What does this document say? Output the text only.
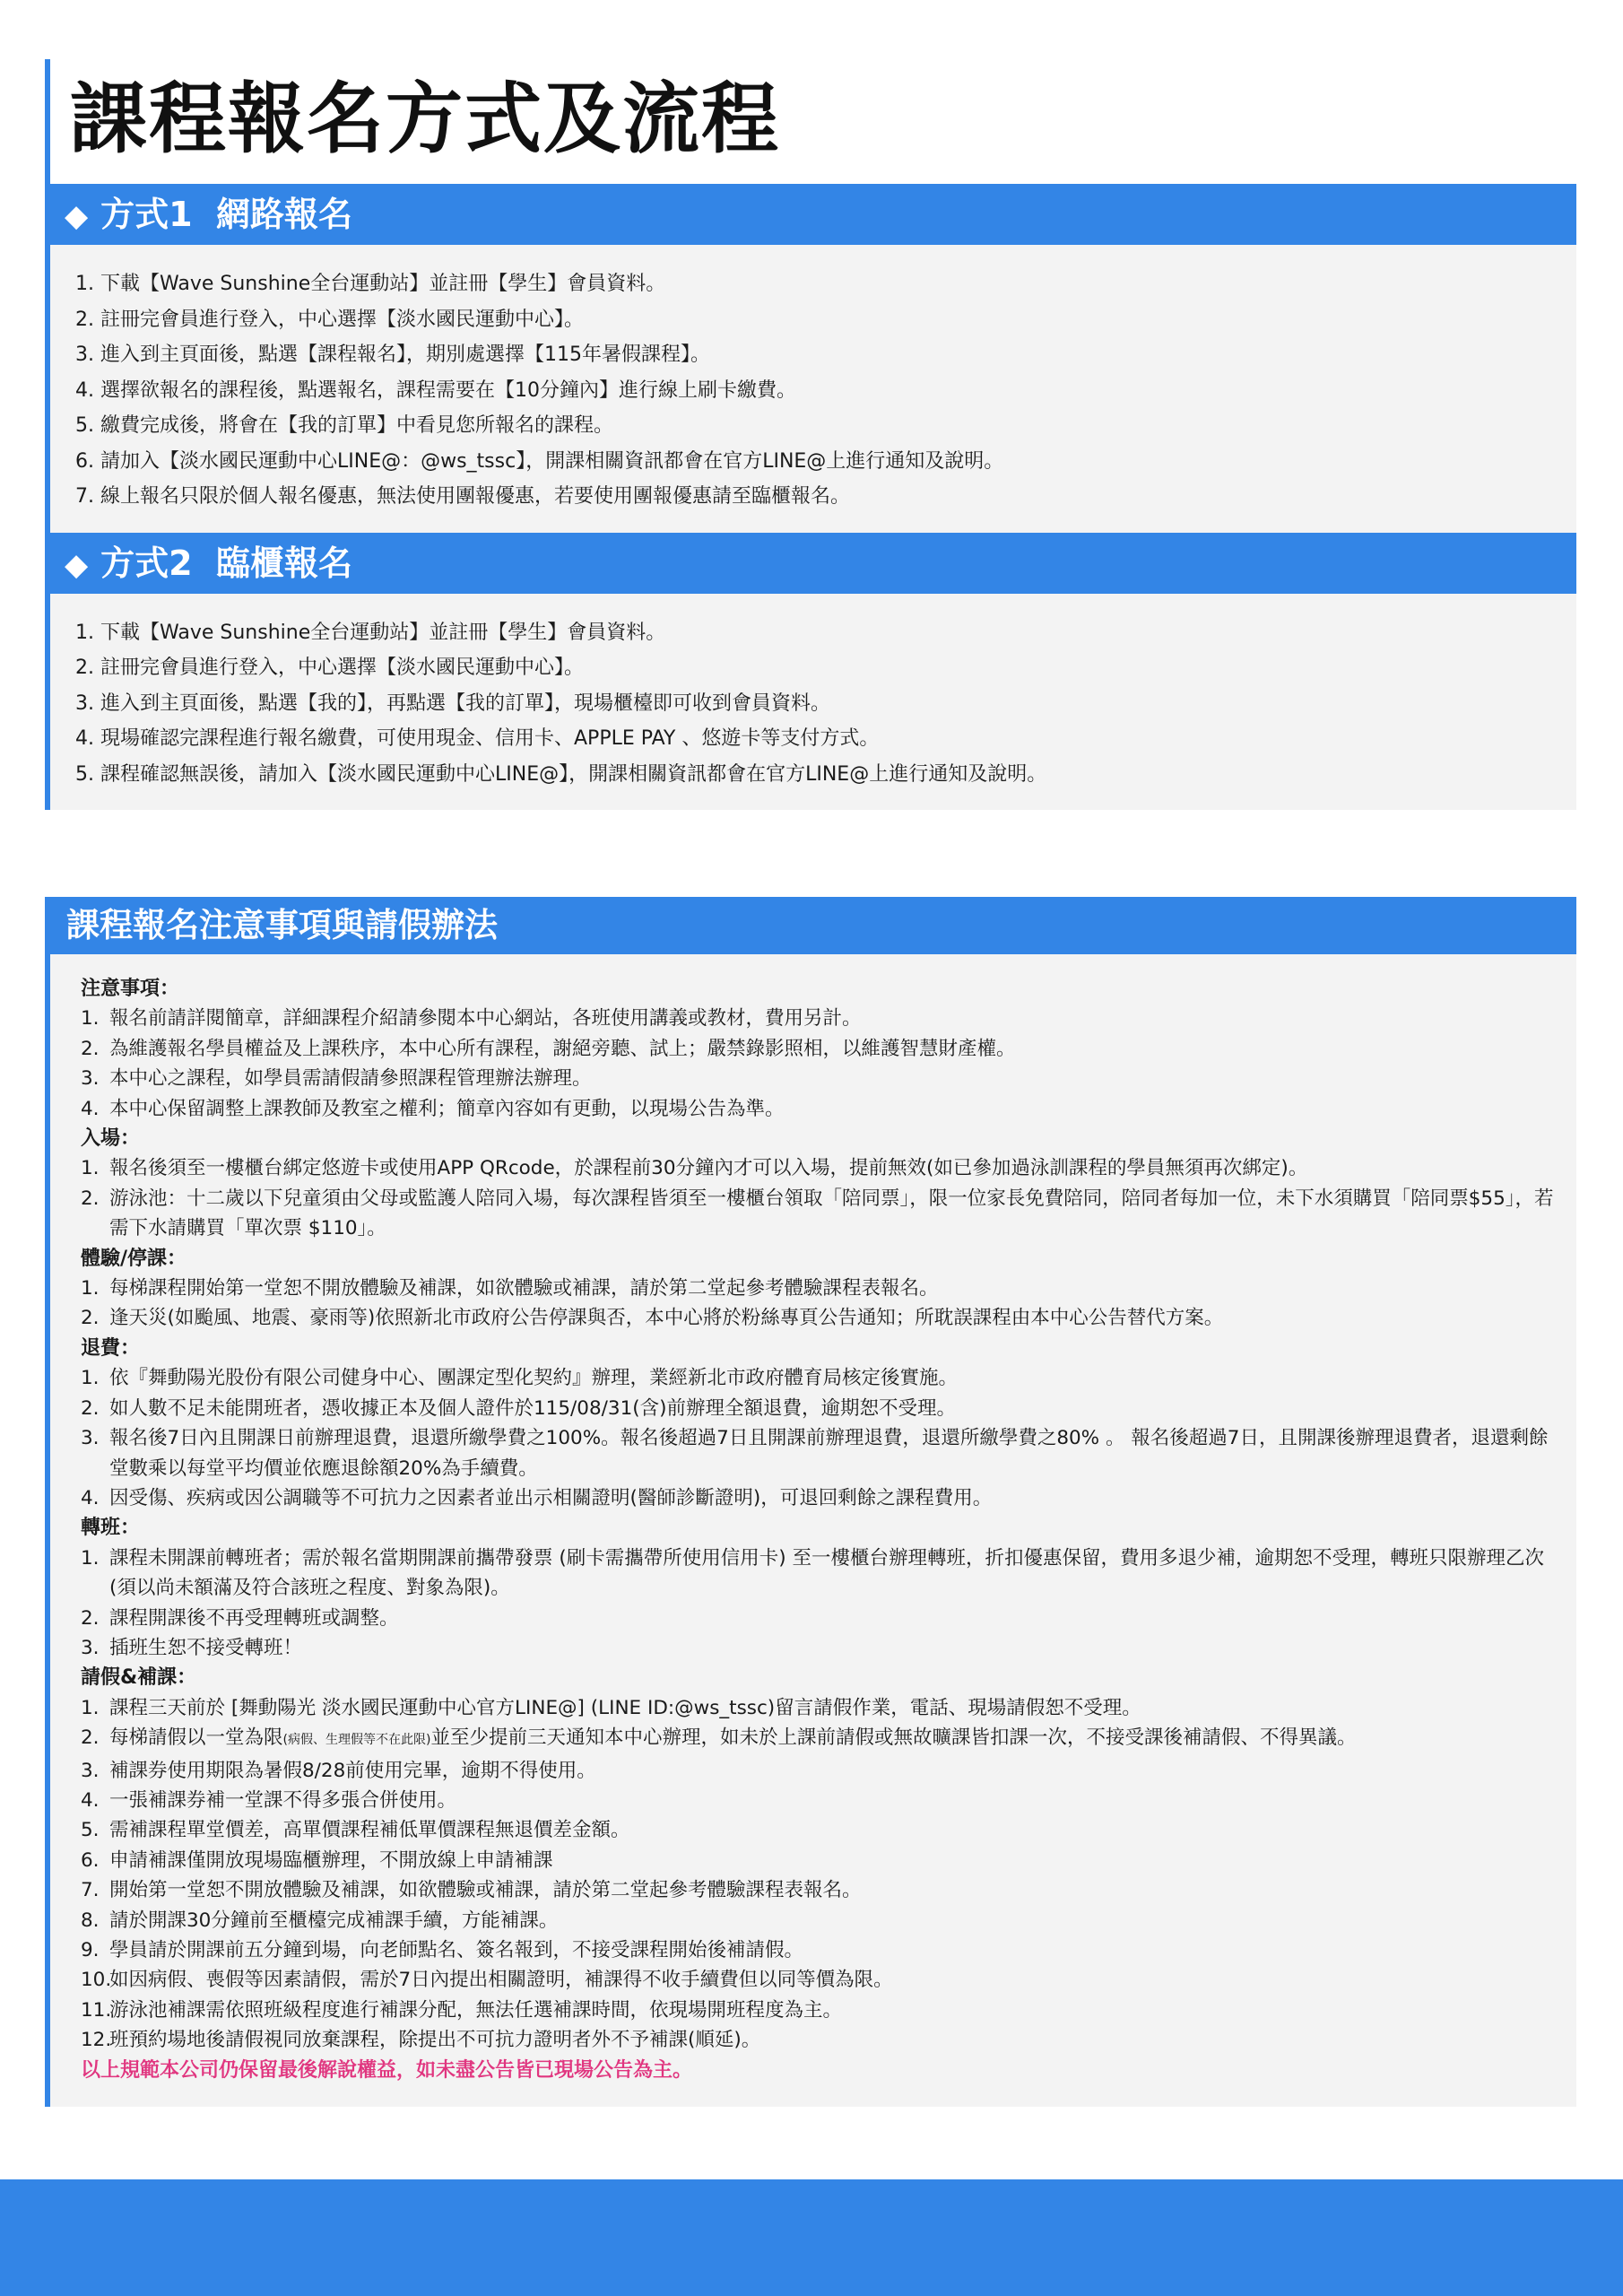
課程報名方式及流程
◆ 方式1  網路報名
1. 下載【Wave Sunshine全台運動站】並註冊【學生】會員資料。
2. 註冊完會員進行登入，中心選擇【淡水國民運動中心】。
3. 進入到主頁面後，點選【課程報名】，期別處選擇【115年暑假課程】。
4. 選擇欲報名的課程後，點選報名，課程需要在【10分鐘內】進行線上刷卡繳費。
5. 繳費完成後，將會在【我的訂單】中看見您所報名的課程。
6. 請加入【淡水國民運動中心LINE@：@ws_tssc】，開課相關資訊都會在官方LINE@上進行通知及說明。
7. 線上報名只限於個人報名優惠，無法使用團報優惠，若要使用團報優惠請至臨櫃報名。
◆ 方式2  臨櫃報名
1. 下載【Wave Sunshine全台運動站】並註冊【學生】會員資料。
2. 註冊完會員進行登入，中心選擇【淡水國民運動中心】。
3. 進入到主頁面後，點選【我的】，再點選【我的訂單】，現場櫃檯即可收到會員資料。
4. 現場確認完課程進行報名繳費，可使用現金、信用卡、APPLE PAY 、悠遊卡等支付方式。
5. 課程確認無誤後，請加入【淡水國民運動中心LINE@】，開課相關資訊都會在官方LINE@上進行通知及說明。
課程報名注意事項與請假辦法
注意事項：
1. 報名前請詳閱簡章，詳細課程介紹請參閱本中心網站，各班使用講義或教材，費用另計。
2. 為維護報名學員權益及上課秩序，本中心所有課程，謝絕旁聽、試上；嚴禁錄影照相，以維護智慧財產權。
3. 本中心之課程，如學員需請假請參照課程管理辦法辦理。
4. 本中心保留調整上課教師及教室之權利；簡章內容如有更動，以現場公告為準。
入場：
1. 報名後須至一樓櫃台綁定悠遊卡或使用APP QRcode，於課程前30分鐘內才可以入場，提前無效(如已參加過泳訓課程的學員無須再次綁定)。
2. 游泳池：十二歲以下兒童須由父母或監護人陪同入場，每次課程皆須至一樓櫃台領取「陪同票」，限一位家長免費陪同，陪同者每加一位，未下水須購買「陪同票$55」，若需下水請購買「單次票 $110」。
體驗/停課：
1. 每梯課程開始第一堂恕不開放體驗及補課，如欲體驗或補課，請於第二堂起參考體驗課程表報名。
2. 逢天災(如颱風、地震、豪雨等)依照新北市政府公告停課與否，本中心將於粉絲專頁公告通知；所耽誤課程由本中心公告替代方案。
退費：
1. 依『舞動陽光股份有限公司健身中心、團課定型化契約』辦理，業經新北市政府體育局核定後實施。
2. 如人數不足未能開班者，憑收據正本及個人證件於115/08/31(含)前辦理全額退費，逾期恕不受理。
3. 報名後7日內且開課日前辦理退費，退還所繳學費之100%。報名後超過7日且開課前辦理退費，退還所繳學費之80% 。 報名後超過7日，且開課後辦理退費者，退還剩餘堂數乘以每堂平均價並依應退餘額20%為手續費。
4. 因受傷、疾病或因公調職等不可抗力之因素者並出示相關證明(醫師診斷證明)，可退回剩餘之課程費用。
轉班：
1. 課程未開課前轉班者；需於報名當期開課前攜帶發票 (刷卡需攜帶所使用信用卡) 至一樓櫃台辦理轉班，折扣優惠保留，費用多退少補，逾期恕不受理，轉班只限辦理乙次 (須以尚未額滿及符合該班之程度、對象為限)。
2. 課程開課後不再受理轉班或調整。
3. 插班生恕不接受轉班！
請假&補課：
1. 課程三天前於 [舞動陽光 淡水國民運動中心官方LINE@] (LINE ID:@ws_tssc)留言請假作業，電話、現場請假恕不受理。
2. 每梯請假以一堂為限(病假、生理假等不在此限)並至少提前三天通知本中心辦理，如未於上課前請假或無故曠課皆扣課一次，不接受課後補請假、不得異議。
3. 補課券使用期限為暑假8/28前使用完畢，逾期不得使用。
4. 一張補課券補一堂課不得多張合併使用。
5. 需補課程單堂價差，高單價課程補低單價課程無退價差金額。
6. 申請補課僅開放現場臨櫃辦理，不開放線上申請補課
7. 開始第一堂恕不開放體驗及補課，如欲體驗或補課，請於第二堂起參考體驗課程表報名。
8. 請於開課30分鐘前至櫃檯完成補課手續，方能補課。
9. 學員請於開課前五分鐘到場，向老師點名、簽名報到，不接受課程開始後補請假。
10.
如因病假、喪假等因素請假，需於7日內提出相關證明，補課得不收手續費但以同等價為限。
11.
游泳池補課需依照班級程度進行補課分配，無法任選補課時間，依現場開班程度為主。
12.
班預約場地後請假視同放棄課程，除提出不可抗力證明者外不予補課(順延)。
以上規範本公司仍保留最後解說權益，如未盡公告皆已現場公告為主。
